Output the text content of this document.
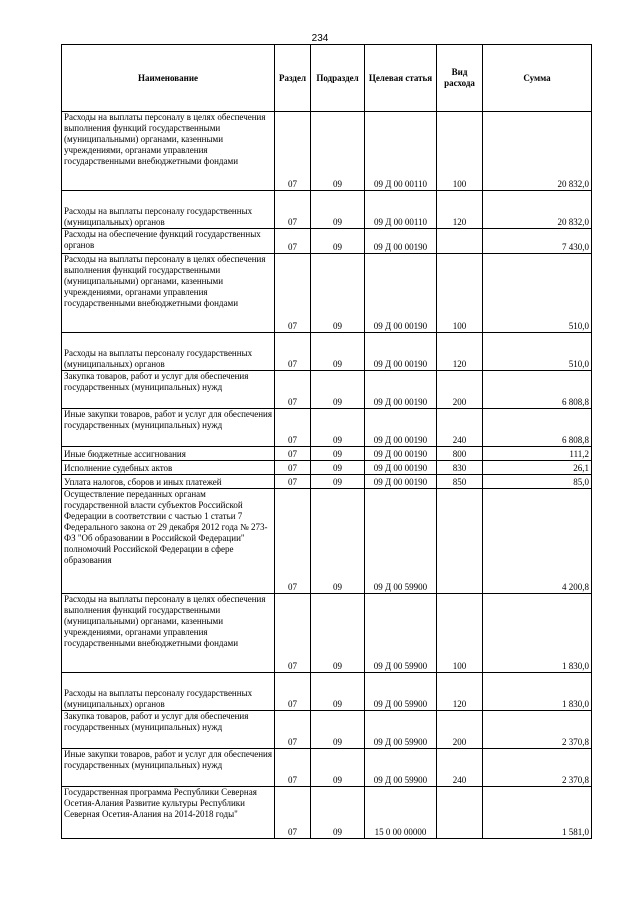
234
Наименование	Раздел	Подраздел	Целевая статья	Вид расхода	Сумма
Расходы на выплаты персоналу в целях обеспечения выполнения функций государственными (муниципальными) органами, казенными учреждениями, органами управления государственными внебюджетными фондами	07	09	09 Д 00 00110	100	20 832,0
Расходы на выплаты персоналу государственных (муниципальных) органов	07	09	09 Д 00 00110	120	20 832,0
Расходы на обеспечение функций государственных органов	07	09	09 Д 00 00190		7 430,0
Расходы на выплаты персоналу в целях обеспечения выполнения функций государственными (муниципальными) органами, казенными учреждениями, органами управления государственными внебюджетными фондами	07	09	09 Д 00 00190	100	510,0
Расходы на выплаты персоналу государственных (муниципальных) органов	07	09	09 Д 00 00190	120	510,0
Закупка товаров, работ и услуг для обеспечения государственных (муниципальных) нужд	07	09	09 Д 00 00190	200	6 808,8
Иные закупки товаров, работ и услуг для обеспечения государственных (муниципальных) нужд	07	09	09 Д 00 00190	240	6 808,8
Иные бюджетные ассигнования	07	09	09 Д 00 00190	800	111,2
Исполнение судебных актов	07	09	09 Д 00 00190	830	26,1
Уплата налогов, сборов и иных платежей	07	09	09 Д 00 00190	850	85,0
Осуществление переданных органам государственной власти субъектов Российской Федерации в соответствии с частью 1 статьи 7 Федерального закона от 29 декабря 2012 года № 273-ФЗ "Об образовании в Российской Федерации" полномочий Российской Федерации в сфере образования	07	09	09 Д 00 59900		4 200,8
Расходы на выплаты персоналу в целях обеспечения выполнения функций государственными (муниципальными) органами, казенными учреждениями, органами управления государственными внебюджетными фондами	07	09	09 Д 00 59900	100	1 830,0
Расходы на выплаты персоналу государственных (муниципальных) органов	07	09	09 Д 00 59900	120	1 830,0
Закупка товаров, работ и услуг для обеспечения государственных (муниципальных) нужд	07	09	09 Д 00 59900	200	2 370,8
Иные закупки товаров, работ и услуг для обеспечения государственных (муниципальных) нужд	07	09	09 Д 00 59900	240	2 370,8
Государственная программа Республики Северная Осетия-Алания Развитие культуры Республики Северная Осетия-Алания на 2014-2018 годы"	07	09	15 0 00 00000		1 581,0
